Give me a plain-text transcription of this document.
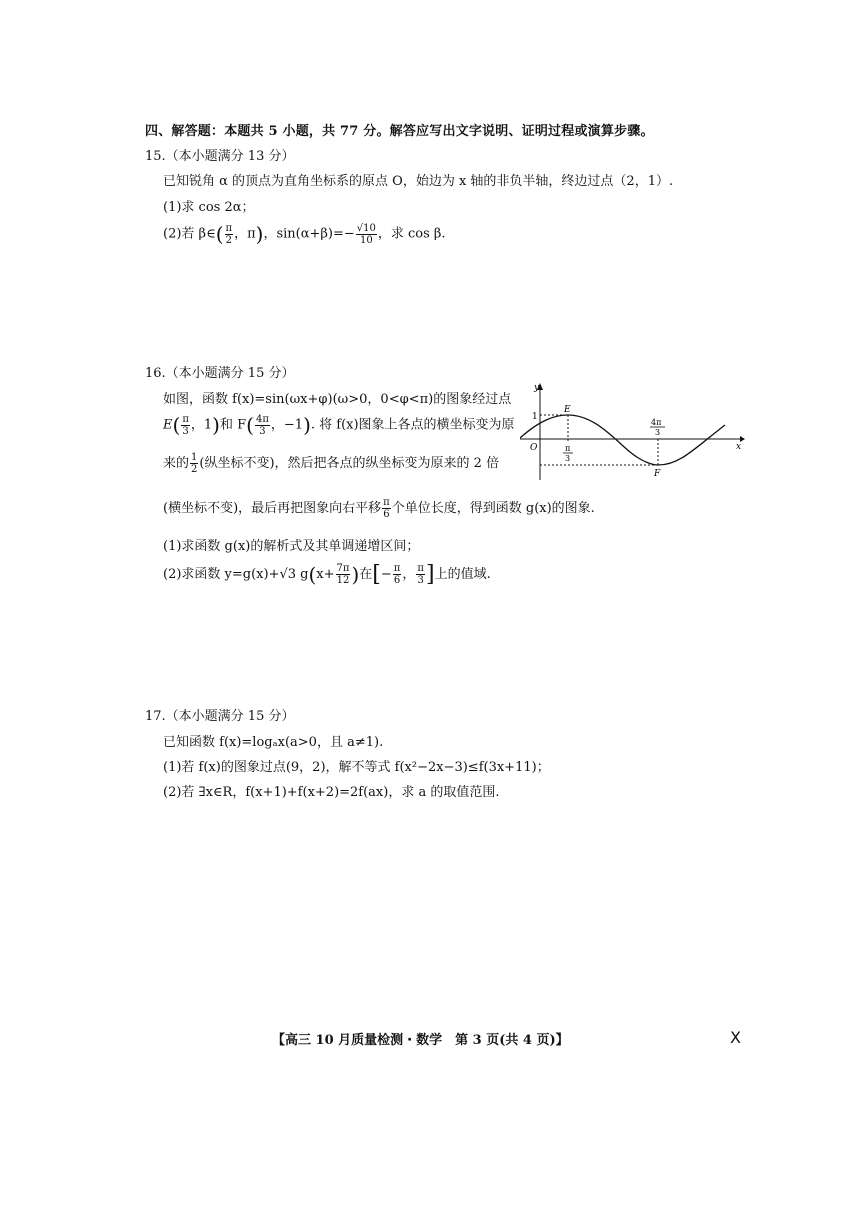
四、解答题：本题共 5 小题，共 77 分。解答应写出文字说明、证明过程或演算步骤。
15.（本小题满分 13 分）
已知锐角 α 的顶点为直角坐标系的原点 O，始边为 x 轴的非负半轴，终边过点（2，1）.
(1)求 cos 2α；
(2)若 β∈( $\frac{\pi}{2}$ ，π)，$\sin(\alpha+\beta)=- \frac{√10}{10}$ ，求 cos β.
16.（本小题满分 15 分）
如图，函数 f(x)=sin(ωx+φ)(ω>0，0<φ<π)的图象经过点
$E( \frac{\pi}{3}$ ，1)和 $F( \frac{4\pi}{3}$ ，−1). 将 f(x)图象上各点的横坐标变为原
来的 $\frac{1}{2}$ (纵坐标不变)，然后把各点的纵坐标变为原来的 2 倍
(横坐标不变)，最后再把图象向右平移 $\frac{\pi}{6}$ 个单位长度，得到函数 g(x)的图象.
(1)求函数 g(x)的解析式及其单调递增区间；
(2)求函数 y=g(x)+√3 $g(x+ \frac{7\pi}{12}$ )在[− $\frac{\pi}{6}$ ， $\frac{\pi}{3}$ ]上的值域.
y
x
O
1
E
F
π
3
4π
3
17.（本小题满分 15 分）
已知函数 f(x)=logₐx(a>0，且 a≠1).
(1)若 f(x)的图象过点(9，2)，解不等式 f(x²−2x−3)≤f(3x+11)；
(2)若 ∃x∈R，f(x+1)+f(x+2)=2f(ax)，求 a 的取值范围.
【高三 10 月质量检测・数学　第 3 页(共 4 页)】	X
